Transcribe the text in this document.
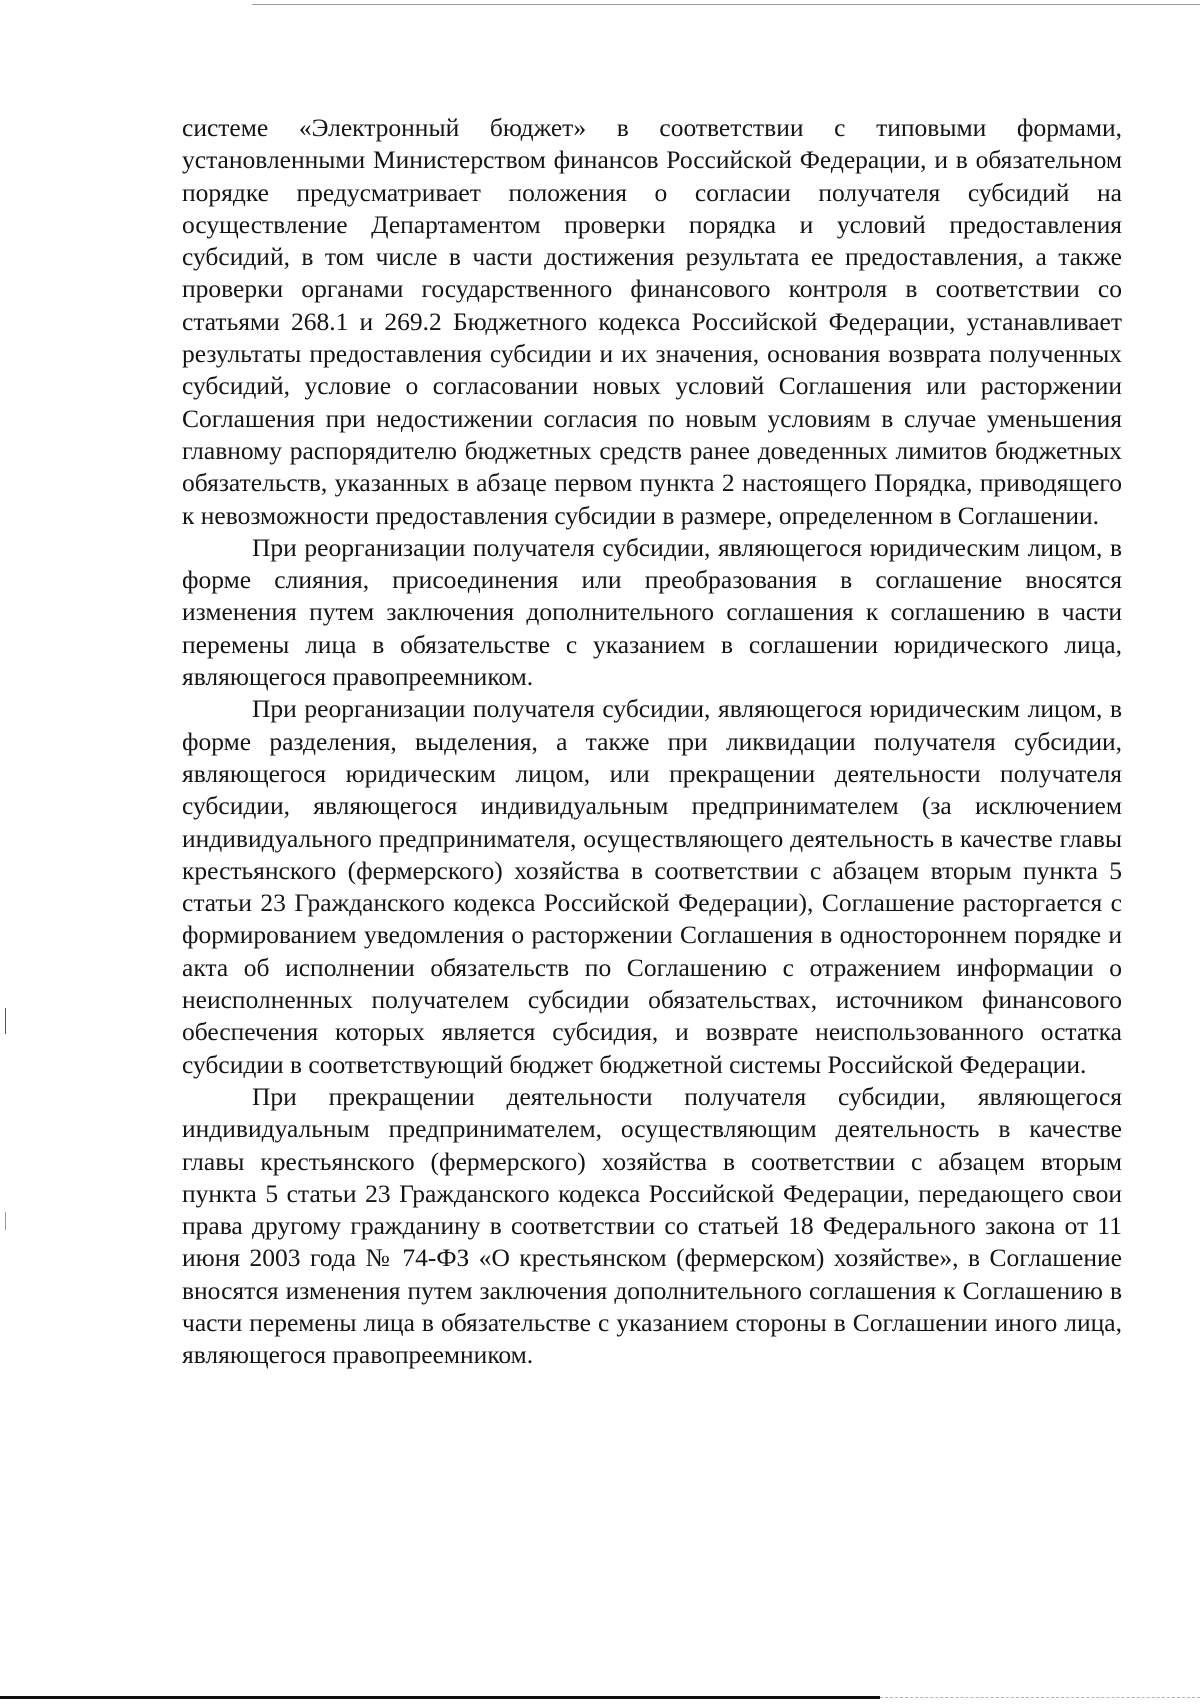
системе «Электронный бюджет» в соответствии с типовыми формами, установленными Министерством финансов Российской Федерации, и в обязательном порядке предусматривает положения о согласии получателя субсидий на осуществление Департаментом проверки порядка и условий предоставления субсидий, в том числе в части достижения результата ее предоставления, а также проверки органами государственного финансового контроля в соответствии со статьями 268.1 и 269.2 Бюджетного кодекса Российской Федерации, устанавливает результаты предоставления субсидии и их значения, основания возврата полученных субсидий, условие о согласовании новых условий Соглашения или расторжении Соглашения при недостижении согласия по новым условиям в случае уменьшения главному распорядителю бюджетных средств ранее доведенных лимитов бюджетных обязательств, указанных в абзаце первом пункта 2 настоящего Порядка, приводящего к невозможности предоставления субсидии в размере, определенном в Соглашении.

При реорганизации получателя субсидии, являющегося юридическим лицом, в форме слияния, присоединения или преобразования в соглашение вносятся изменения путем заключения дополнительного соглашения к соглашению в части перемены лица в обязательстве с указанием в соглашении юридического лица, являющегося правопреемником.

При реорганизации получателя субсидии, являющегося юридическим лицом, в форме разделения, выделения, а также при ликвидации получателя субсидии, являющегося юридическим лицом, или прекращении деятельности получателя субсидии, являющегося индивидуальным предпринимателем (за исключением индивидуального предпринимателя, осуществляющего деятельность в качестве главы крестьянского (фермерского) хозяйства в соответствии с абзацем вторым пункта 5 статьи 23 Гражданского кодекса Российской Федерации), Соглашение расторгается с формированием уведомления о расторжении Соглашения в одностороннем порядке и акта об исполнении обязательств по Соглашению с отражением информации о неисполненных получателем субсидии обязательствах, источником финансового обеспечения которых является субсидия, и возврате неиспользованного остатка субсидии в соответствующий бюджет бюджетной системы Российской Федерации.

При прекращении деятельности получателя субсидии, являющегося индивидуальным предпринимателем, осуществляющим деятельность в качестве главы крестьянского (фермерского) хозяйства в соответствии с абзацем вторым пункта 5 статьи 23 Гражданского кодекса Российской Федерации, передающего свои права другому гражданину в соответствии со статьей 18 Федерального закона от 11 июня 2003 года № 74-ФЗ «О крестьянском (фермерском) хозяйстве», в Соглашение вносятся изменения путем заключения дополнительного соглашения к Соглашению в части перемены лица в обязательстве с указанием стороны в Соглашении иного лица, являющегося правопреемником.
